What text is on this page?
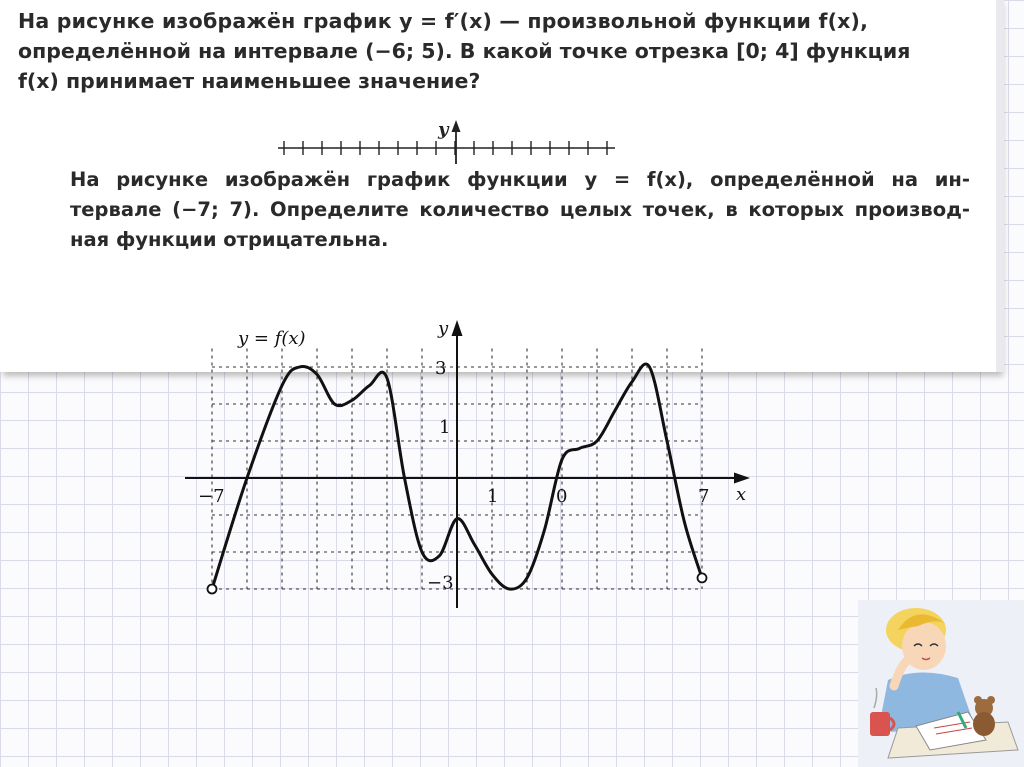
На рисунке изображён график y = f′(x) — произвольной функции f(x),
определённой на интервале (−6; 5). В какой точке отрезка [0; 4] функция
f(x) принимает наименьшее значение?
y
На рисунке изображён график функции y = f(x), определённой на ин-
тервале (−7; 7). Определите количество целых точек, в которых производ-
ная функции отрицательна.
y
x
y = f(x)
−7	1	0	7
3
1
−3
